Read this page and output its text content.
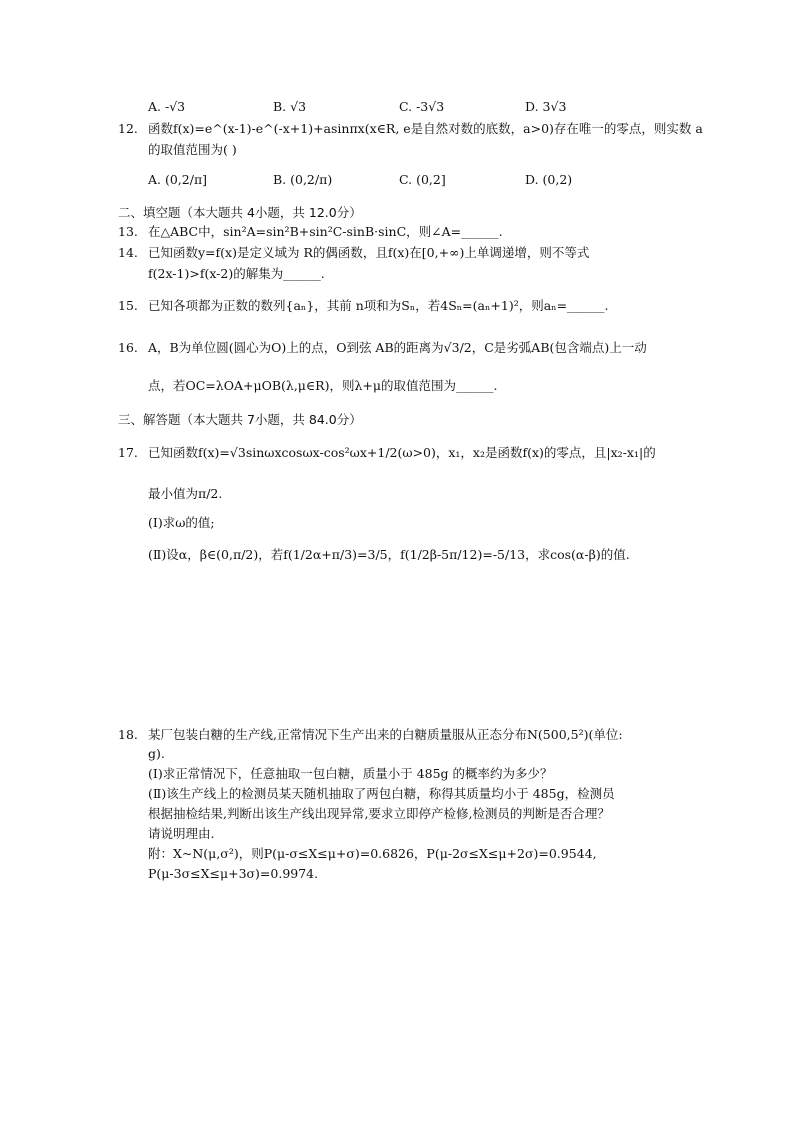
A. -√3	B. √3	C. -3√3	D. 3√3
12. 函数f(x)=e^(x-1)-e^(-x+1)+asinπx(x∈R, e是自然对数的底数，a>0)存在唯一的零点，则实数 a
的取值范围为( )
A. (0,2/π]	B. (0,2/π)	C. (0,2]	D. (0,2)
二、填空题（本大题共 4小题，共 12.0分）
13. 在△ABC中，sin²A=sin²B+sin²C-sinB·sinC，则∠A=______.
14. 已知函数y=f(x)是定义域为 R的偶函数，且f(x)在[0,+∞)上单调递增，则不等式
f(2x-1)>f(x-2)的解集为______.
15. 已知各项都为正数的数列{aₙ}，其前 n项和为Sₙ，若4Sₙ=(aₙ+1)²，则aₙ=______.
16. A，B为单位圆(圆心为O)上的点，O到弦 AB的距离为√3/2，C是劣弧AB(包含端点)上一动
点，若OC=λOA+μOB(λ,μ∈R)，则λ+μ的取值范围为______.
三、解答题（本大题共 7小题，共 84.0分）
17. 已知函数f(x)=√3sinωxcosωx-cos²ωx+1/2(ω>0)，x₁，x₂是函数f(x)的零点，且|x₂-x₁|的
最小值为π/2.
(Ⅰ)求ω的值;
(Ⅱ)设α，β∈(0,π/2)，若f(1/2α+π/3)=3/5，f(1/2β-5π/12)=-5/13，求cos(α-β)的值.
18. 某厂包装白糖的生产线,正常情况下生产出来的白糖质量服从正态分布N(500,5²)(单位:
g).
(Ⅰ)求正常情况下，任意抽取一包白糖，质量小于 485g 的概率约为多少？
(Ⅱ)该生产线上的检测员某天随机抽取了两包白糖，称得其质量均小于 485g，检测员
根据抽检结果,判断出该生产线出现异常,要求立即停产检修,检测员的判断是否合理？
请说明理由.
附：X~N(μ,σ²)，则P(μ-σ≤X≤μ+σ)=0.6826，P(μ-2σ≤X≤μ+2σ)=0.9544,
P(μ-3σ≤X≤μ+3σ)=0.9974.
